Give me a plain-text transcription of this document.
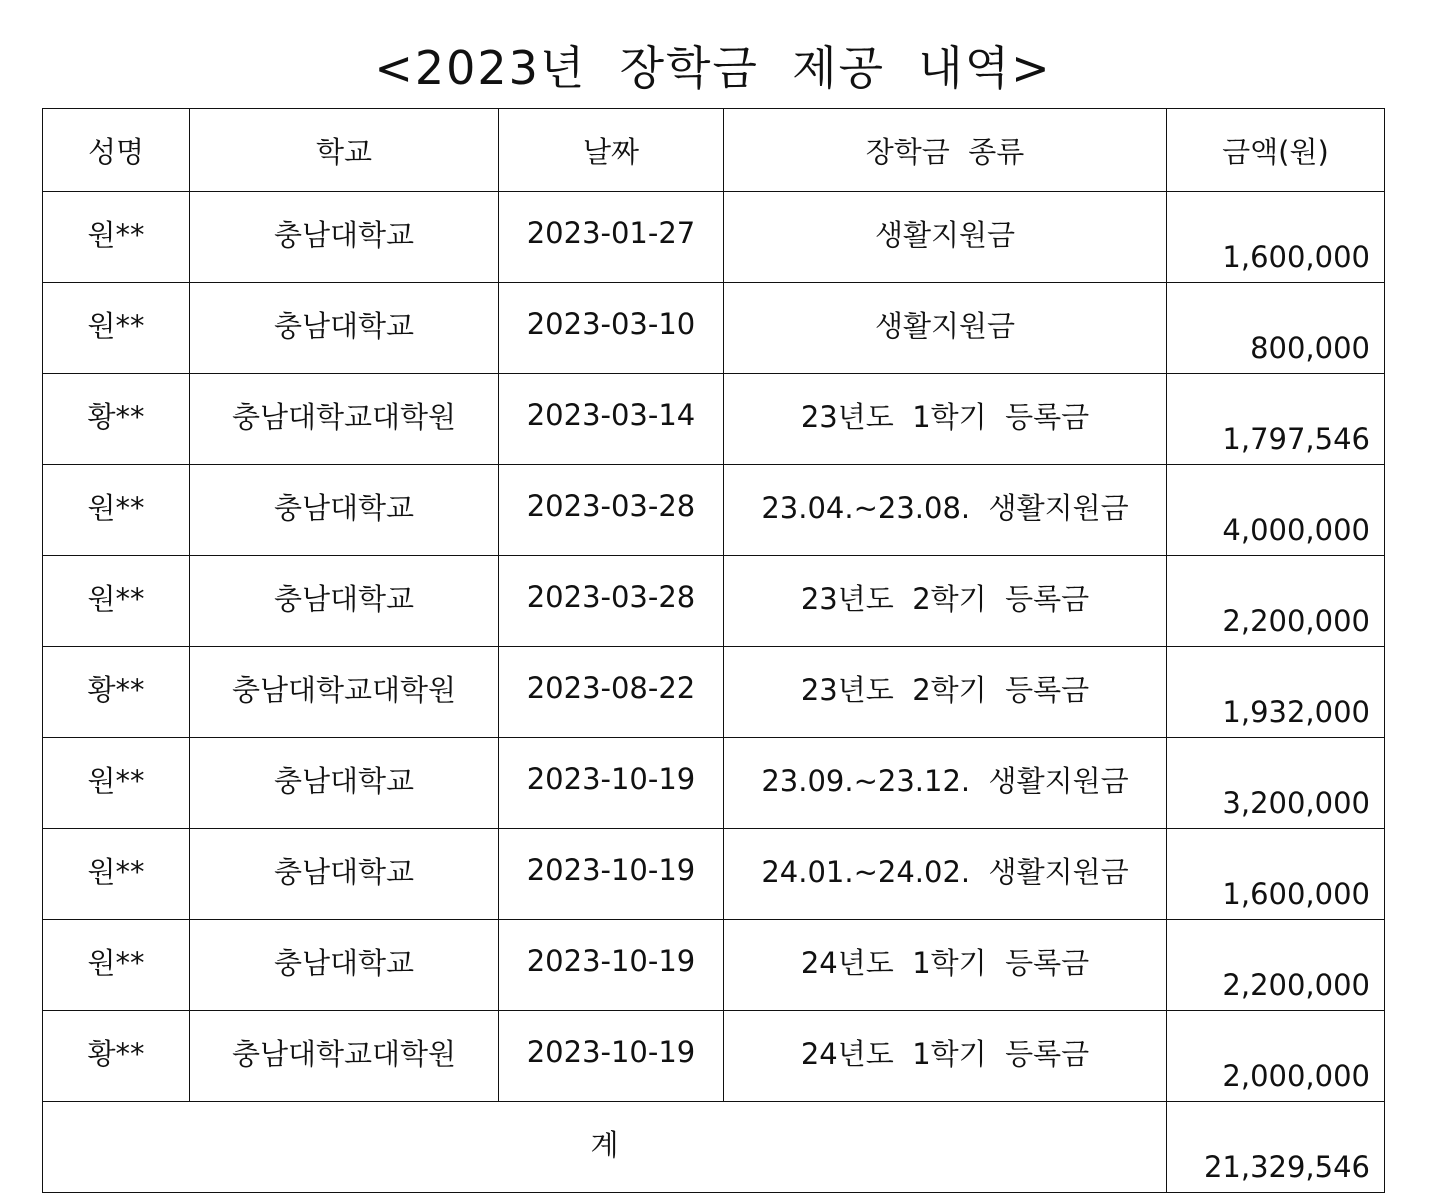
<2023년  장학금  제공  내역>
성명	학교	날짜	장학금  종류	금액(원)
원**	충남대학교	2023-01-27	생활지원금	1,600,000
원**	충남대학교	2023-03-10	생활지원금	800,000
황**	충남대학교대학원	2023-03-14	23년도  1학기  등록금	1,797,546
원**	충남대학교	2023-03-28	23.04.~23.08.  생활지원금	4,000,000
원**	충남대학교	2023-03-28	23년도  2학기  등록금	2,200,000
황**	충남대학교대학원	2023-08-22	23년도  2학기  등록금	1,932,000
원**	충남대학교	2023-10-19	23.09.~23.12.  생활지원금	3,200,000
원**	충남대학교	2023-10-19	24.01.~24.02.  생활지원금	1,600,000
원**	충남대학교	2023-10-19	24년도  1학기  등록금	2,200,000
황**	충남대학교대학원	2023-10-19	24년도  1학기  등록금	2,000,000
계				21,329,546
